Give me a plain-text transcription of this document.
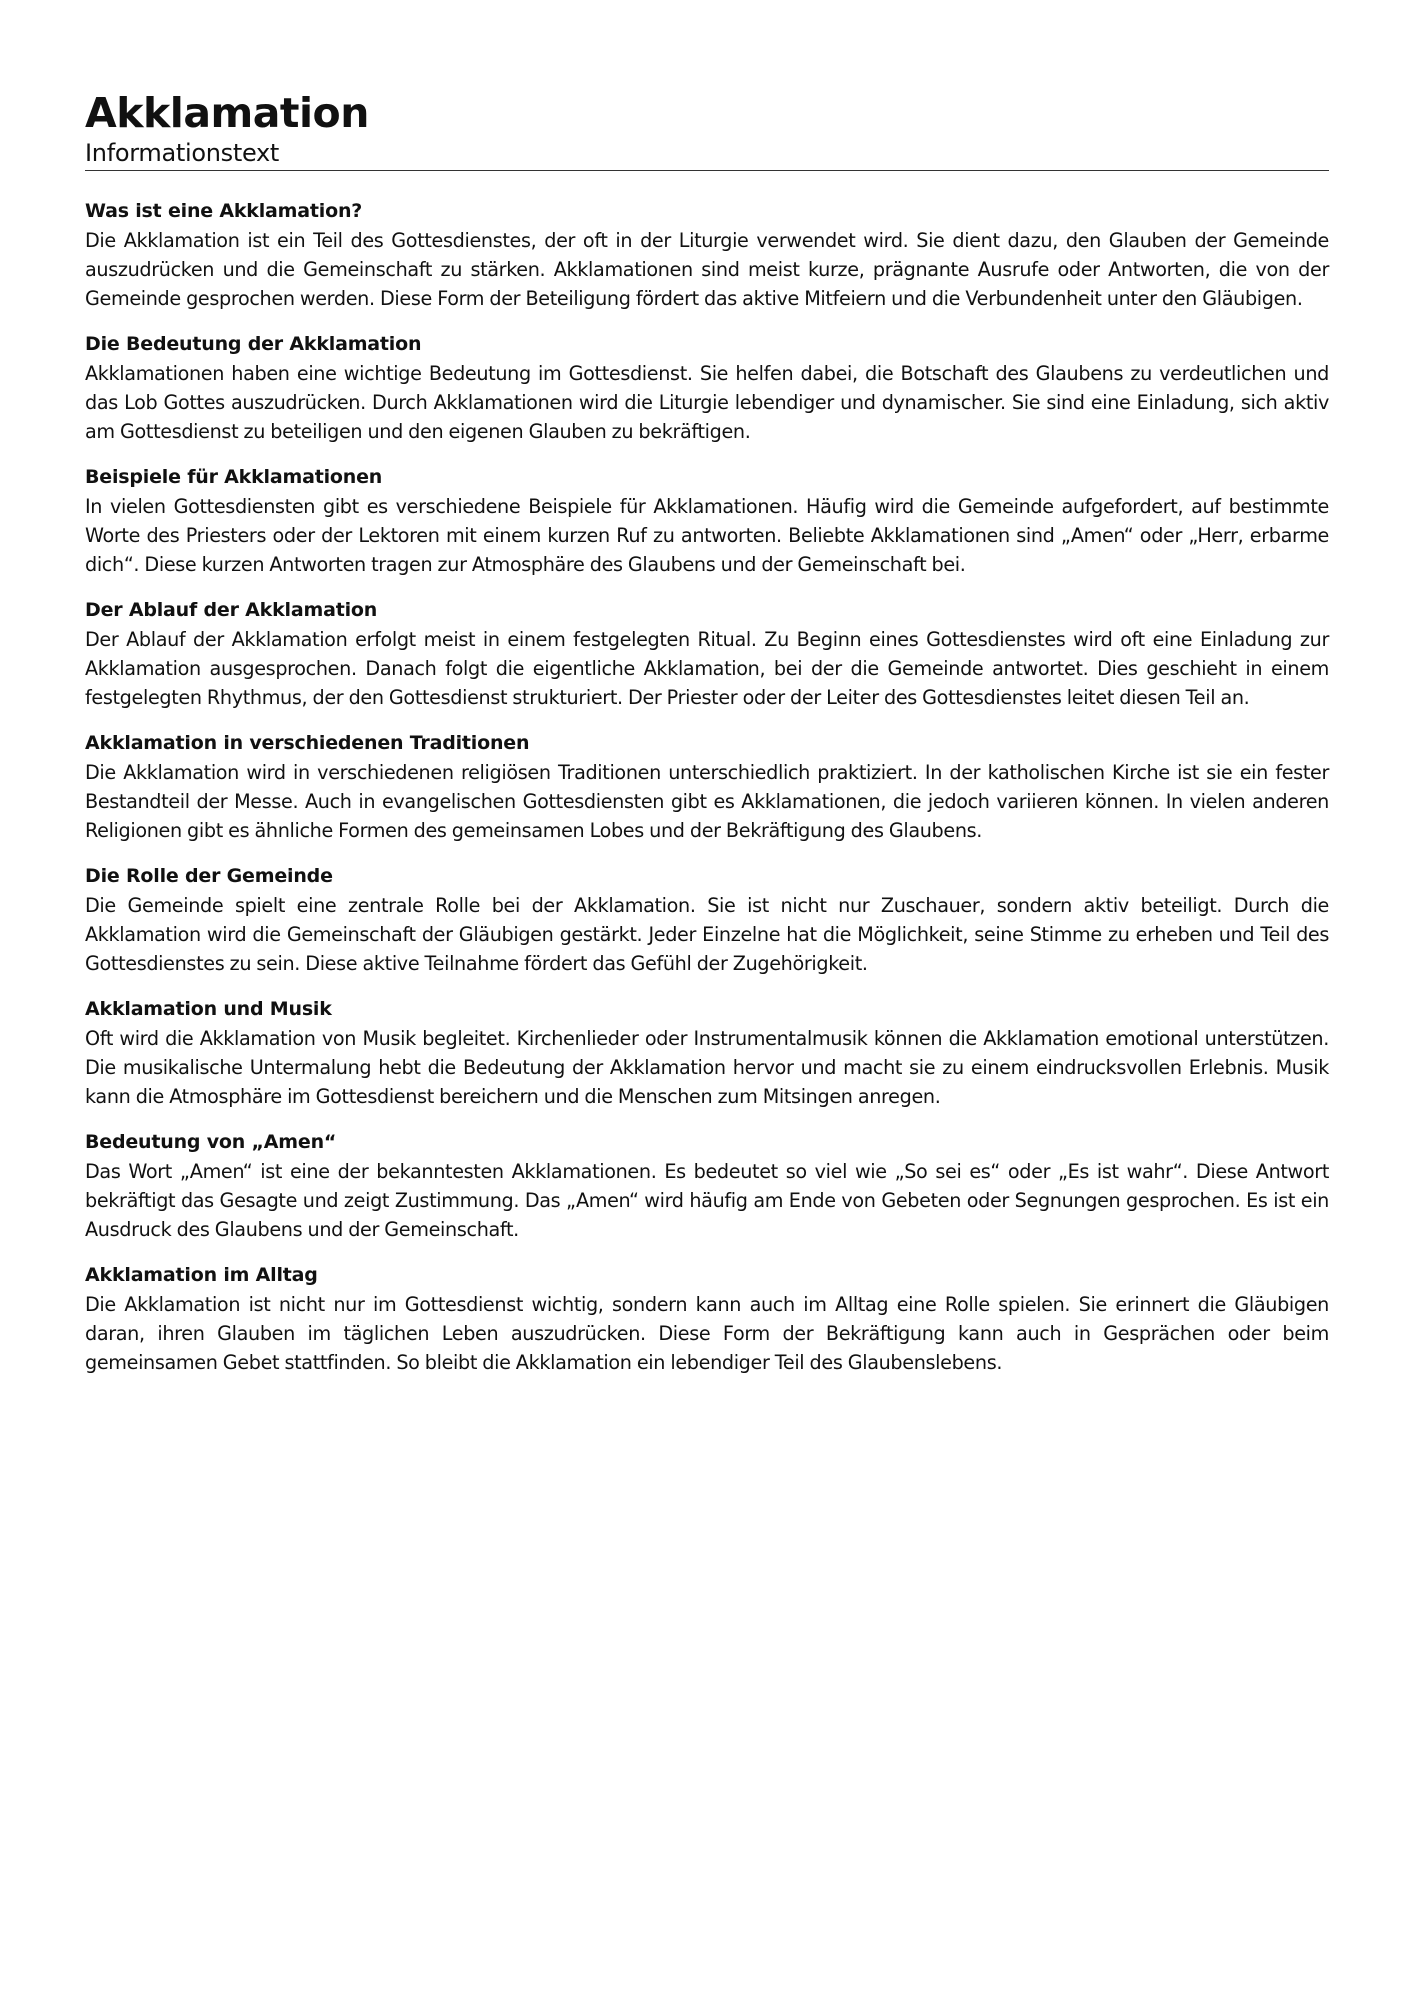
Akklamation
Informationstext
Was ist eine Akklamation?

Die Akklamation ist ein Teil des Gottesdienstes, der oft in der Liturgie verwendet wird. Sie dient dazu, den Glauben der Gemeinde auszudrücken und die Gemeinschaft zu stärken. Akklamationen sind meist kurze, prägnante Ausrufe oder Antworten, die von der Gemeinde gesprochen werden. Diese Form der Beteiligung fördert das aktive Mitfeiern und die Verbundenheit unter den Gläubigen.

Die Bedeutung der Akklamation

Akklamationen haben eine wichtige Bedeutung im Gottesdienst. Sie helfen dabei, die Botschaft des Glaubens zu verdeutlichen und das Lob Gottes auszudrücken. Durch Akklamationen wird die Liturgie lebendiger und dynamischer. Sie sind eine Einladung, sich aktiv am Gottesdienst zu beteiligen und den eigenen Glauben zu bekräftigen.

Beispiele für Akklamationen

In vielen Gottesdiensten gibt es verschiedene Beispiele für Akklamationen. Häufig wird die Gemeinde aufgefordert, auf bestimmte Worte des Priesters oder der Lektoren mit einem kurzen Ruf zu antworten. Beliebte Akklamationen sind „Amen“ oder „Herr, erbarme dich“. Diese kurzen Antworten tragen zur Atmosphäre des Glaubens und der Gemeinschaft bei.

Der Ablauf der Akklamation

Der Ablauf der Akklamation erfolgt meist in einem festgelegten Ritual. Zu Beginn eines Gottesdienstes wird oft eine Einladung zur Akklamation ausgesprochen. Danach folgt die eigentliche Akklamation, bei der die Gemeinde antwortet. Dies geschieht in einem festgelegten Rhythmus, der den Gottesdienst strukturiert. Der Priester oder der Leiter des Gottesdienstes leitet diesen Teil an.

Akklamation in verschiedenen Traditionen

Die Akklamation wird in verschiedenen religiösen Traditionen unterschiedlich praktiziert. In der katholischen Kirche ist sie ein fester Bestandteil der Messe. Auch in evangelischen Gottesdiensten gibt es Akklamationen, die jedoch variieren können. In vielen anderen Religionen gibt es ähnliche Formen des gemeinsamen Lobes und der Bekräftigung des Glaubens.

Die Rolle der Gemeinde

Die Gemeinde spielt eine zentrale Rolle bei der Akklamation. Sie ist nicht nur Zuschauer, sondern aktiv beteiligt. Durch die Akklamation wird die Gemeinschaft der Gläubigen gestärkt. Jeder Einzelne hat die Möglichkeit, seine Stimme zu erheben und Teil des Gottesdienstes zu sein. Diese aktive Teilnahme fördert das Gefühl der Zugehörigkeit.

Akklamation und Musik

Oft wird die Akklamation von Musik begleitet. Kirchenlieder oder Instrumentalmusik können die Akklamation emotional unterstützen. Die musikalische Untermalung hebt die Bedeutung der Akklamation hervor und macht sie zu einem eindrucksvollen Erlebnis. Musik kann die Atmosphäre im Gottesdienst bereichern und die Menschen zum Mitsingen anregen.

Bedeutung von „Amen“

Das Wort „Amen“ ist eine der bekanntesten Akklamationen. Es bedeutet so viel wie „So sei es“ oder „Es ist wahr“. Diese Antwort bekräftigt das Gesagte und zeigt Zustimmung. Das „Amen“ wird häufig am Ende von Gebeten oder Segnungen gesprochen. Es ist ein Ausdruck des Glaubens und der Gemeinschaft.

Akklamation im Alltag

Die Akklamation ist nicht nur im Gottesdienst wichtig, sondern kann auch im Alltag eine Rolle spielen. Sie erinnert die Gläubigen daran, ihren Glauben im täglichen Leben auszudrücken. Diese Form der Bekräftigung kann auch in Gesprächen oder beim gemeinsamen Gebet stattfinden. So bleibt die Akklamation ein lebendiger Teil des Glaubenslebens.
